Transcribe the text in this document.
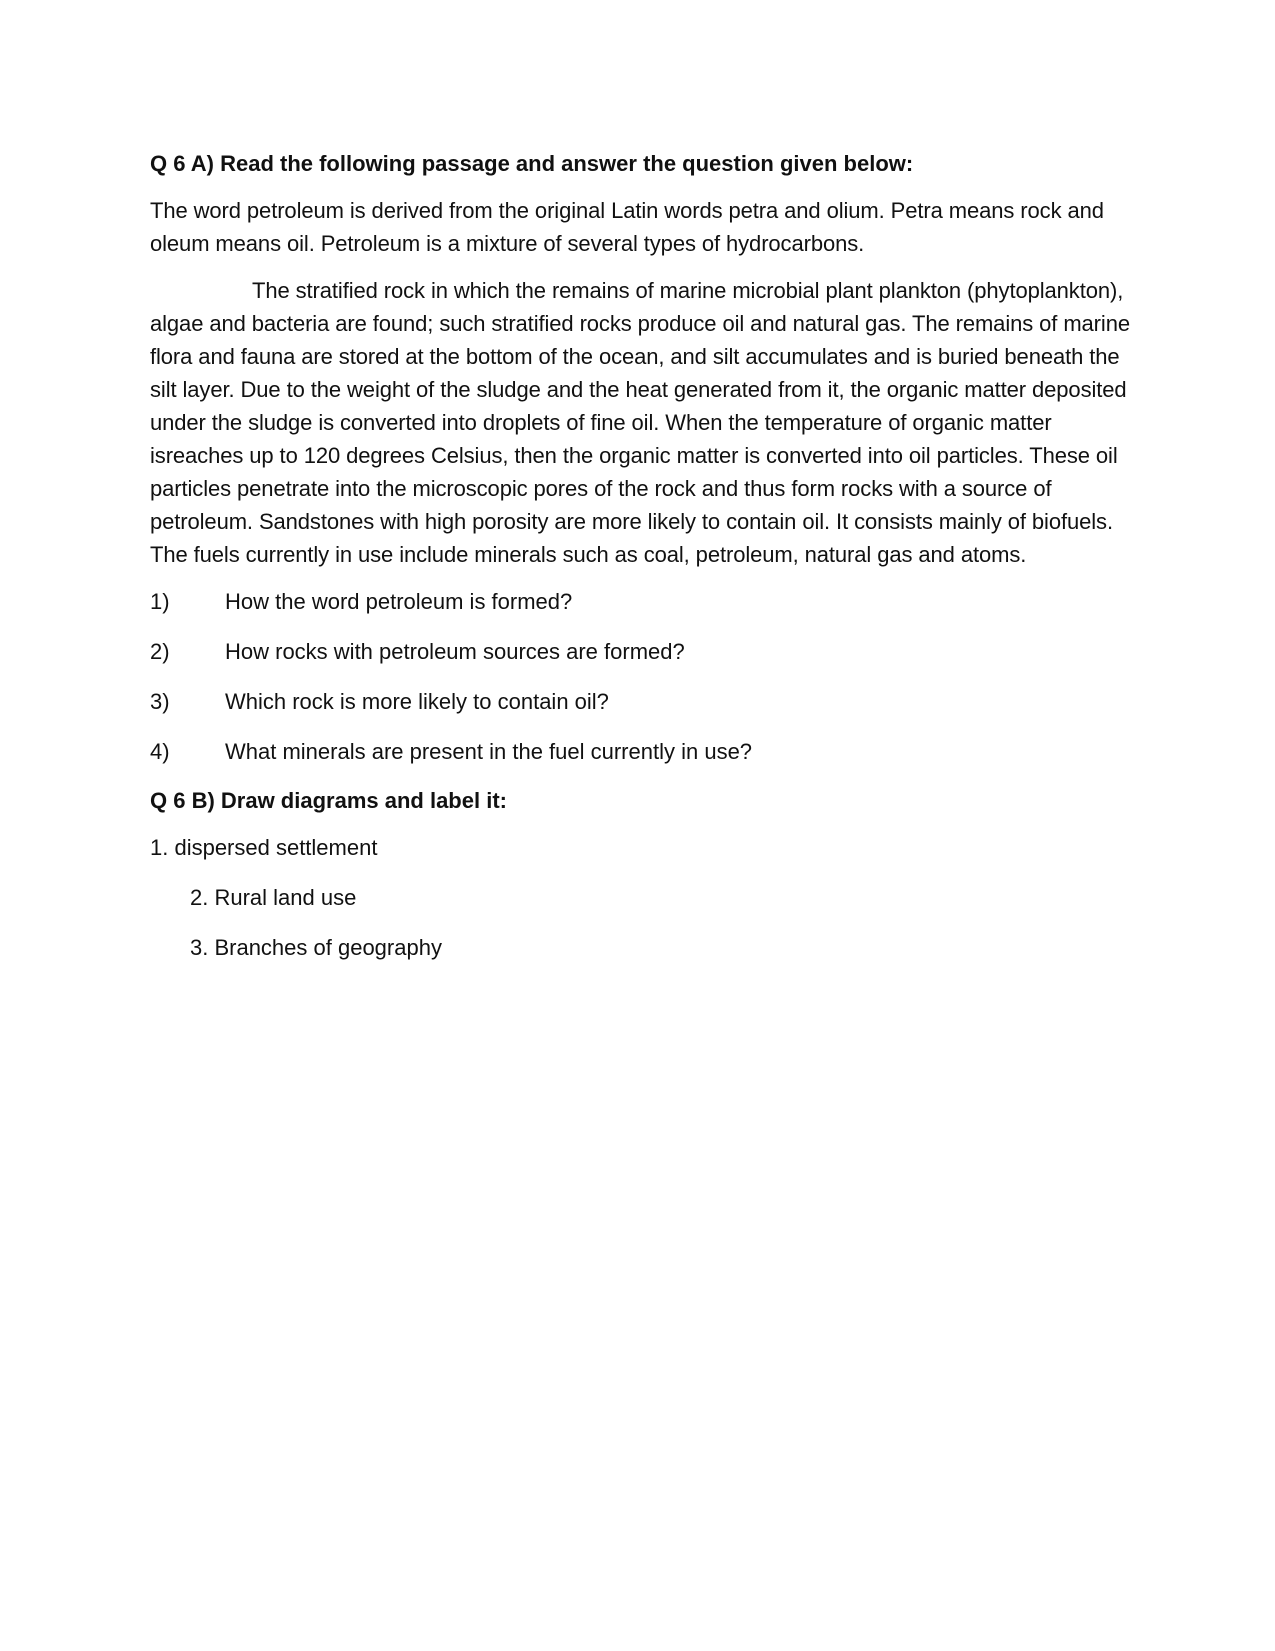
Q 6 A) Read the following passage and answer the question given below:
The word petroleum is derived from the original Latin words petra and olium. Petra means rock and oleum means oil. Petroleum is a mixture of several types of hydrocarbons.
The stratified rock in which the remains of marine microbial plant plankton (phytoplankton), algae and bacteria are found; such stratified rocks produce oil and natural gas. The remains of marine flora and fauna are stored at the bottom of the ocean, and silt accumulates and is buried beneath the silt layer. Due to the weight of the sludge and the heat generated from it, the organic matter deposited under the sludge is converted into droplets of fine oil. When the temperature of organic matter isreaches up to 120 degrees Celsius, then the organic matter is converted into oil particles. These oil particles penetrate into the microscopic pores of the rock and thus form rocks with a source of petroleum. Sandstones with high porosity are more likely to contain oil. It consists mainly of biofuels. The fuels currently in use include minerals such as coal, petroleum, natural gas and atoms.
1)	How the word petroleum is formed?
2)	How rocks with petroleum sources are formed?
3)	Which rock is more likely to contain oil?
4)	What minerals are present in the fuel currently in use?
Q 6 B) Draw diagrams and label it:
1. dispersed settlement
2. Rural land use
3. Branches of geography
